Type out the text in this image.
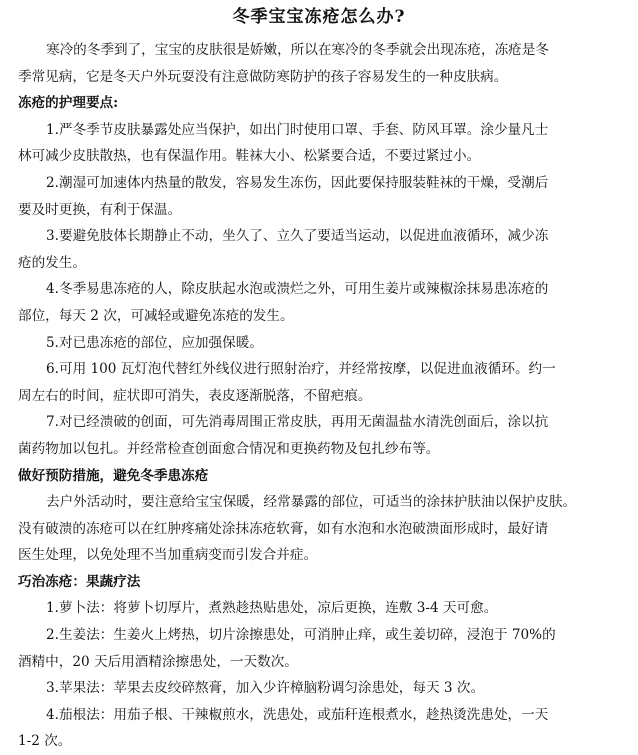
冬季宝宝冻疮怎么办?
寒冷的冬季到了，宝宝的皮肤很是娇嫩，所以在寒冷的冬季就会出现冻疮，冻疮是冬
季常见病，它是冬天户外玩耍没有注意做防寒防护的孩子容易发生的一种皮肤病。
冻疮的护理要点:
1.严冬季节皮肤暴露处应当保护，如出门时使用口罩、手套、防风耳罩。涂少量凡士
林可减少皮肤散热，也有保温作用。鞋袜大小、松紧要合适，不要过紧过小。
2.潮湿可加速体内热量的散发，容易发生冻伤，因此要保持服装鞋袜的干燥，受潮后
要及时更换，有利于保温。
3.要避免肢体长期静止不动，坐久了、立久了要适当运动，以促进血液循环，减少冻
疮的发生。
4.冬季易患冻疮的人，除皮肤起水泡或溃烂之外，可用生姜片或辣椒涂抹易患冻疮的
部位，每天 2 次，可减轻或避免冻疮的发生。
5.对已患冻疮的部位，应加强保暖。
6.可用 100 瓦灯泡代替红外线仪进行照射治疗，并经常按摩，以促进血液循环。约一
周左右的时间，症状即可消失，表皮逐渐脱落，不留疤痕。
7.对已经溃破的创面，可先消毒周围正常皮肤，再用无菌温盐水清洗创面后，涂以抗
菌药物加以包扎。并经常检查创面愈合情况和更换药物及包扎纱布等。
做好预防措施，避免冬季患冻疮
去户外活动时，要注意给宝宝保暖，经常暴露的部位，可适当的涂抹护肤油以保护皮肤。
没有破溃的冻疮可以在红肿疼痛处涂抹冻疮软膏，如有水泡和水泡破溃面形成时，最好请
医生处理，以免处理不当加重病变而引发合并症。
巧治冻疮：果蔬疗法
1.萝卜法：将萝卜切厚片，煮熟趁热贴患处，凉后更换，连敷 3-4 天可愈。
2.生姜法：生姜火上烤热，切片涂擦患处，可消肿止痒，或生姜切碎，浸泡于 70%的
酒精中，20 天后用酒精涂擦患处，一天数次。
3.苹果法：苹果去皮绞碎熬膏，加入少许樟脑粉调匀涂患处，每天 3 次。
4.茄根法：用茄子根、干辣椒煎水，洗患处，或茄秆连根煮水，趁热烫洗患处，一天
1-2 次。
